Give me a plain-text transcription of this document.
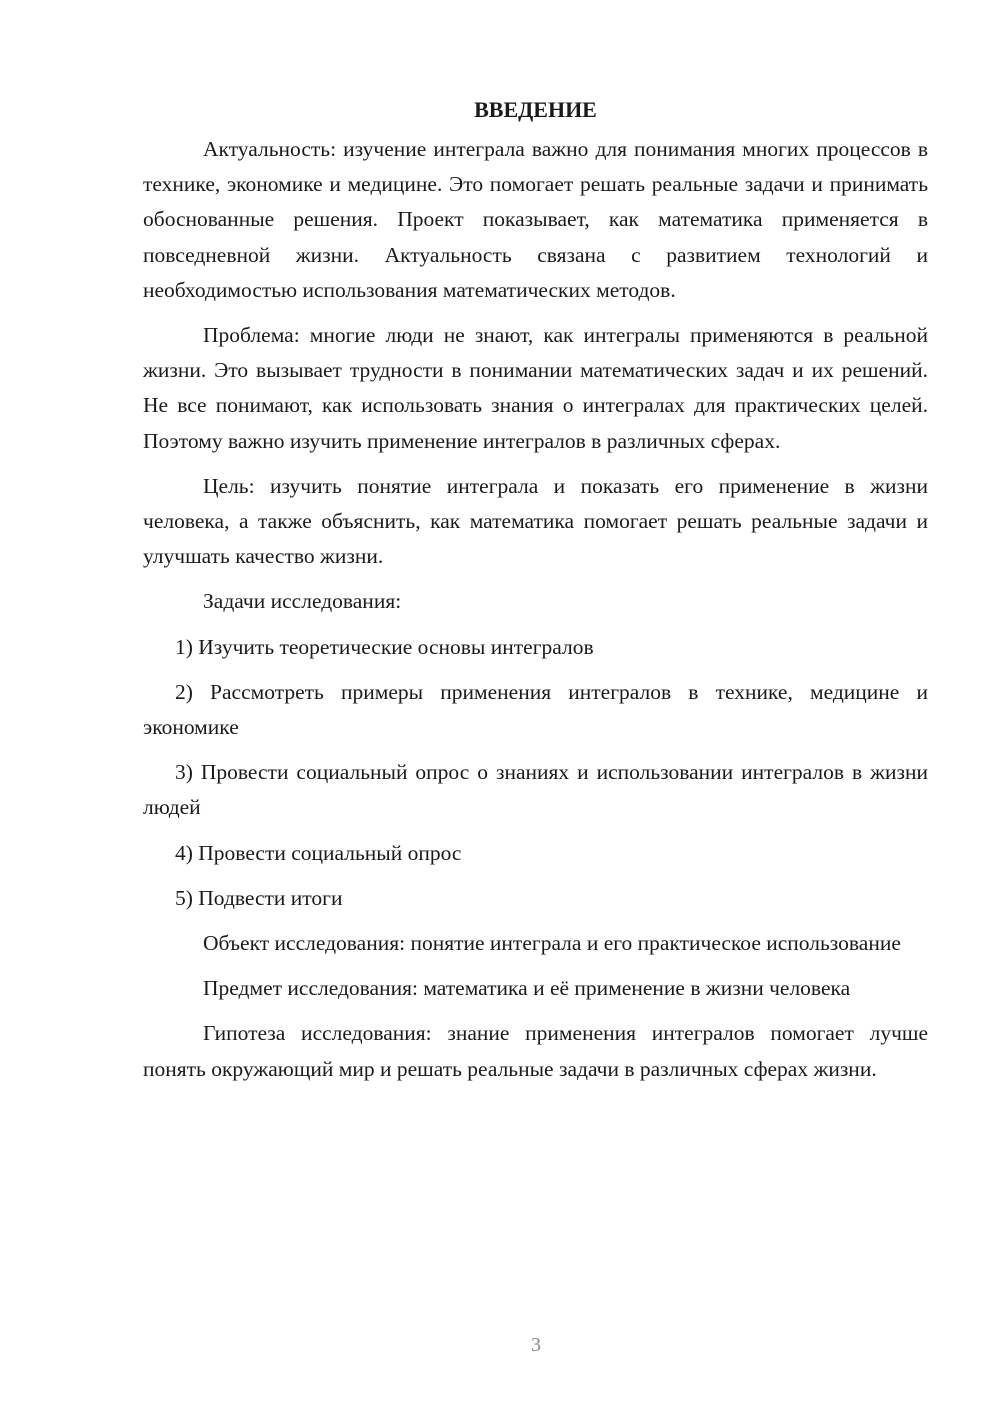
ВВЕДЕНИЕ

Актуальность: изучение интеграла важно для понимания многих процессов в технике, экономике и медицине. Это помогает решать реальные задачи и принимать обоснованные решения. Проект показывает, как математика применяется в повседневной жизни. Актуальность связана с развитием технологий и необходимостью использования математических методов.

Проблема: многие люди не знают, как интегралы применяются в реальной жизни. Это вызывает трудности в понимании математических задач и их решений. Не все понимают, как использовать знания о интегралах для практических целей. Поэтому важно изучить применение интегралов в различных сферах.

Цель: изучить понятие интеграла и показать его применение в жизни человека, а также объяснить, как математика помогает решать реальные задачи и улучшать качество жизни.

Задачи исследования:

1) Изучить теоретические основы интегралов

2) Рассмотреть примеры применения интегралов в технике, медицине и экономике

3) Провести социальный опрос о знаниях и использовании интегралов в жизни людей

4) Провести социальный опрос

5) Подвести итоги

Объект исследования: понятие интеграла и его практическое использование

Предмет исследования: математика и её применение в жизни человека

Гипотеза исследования: знание применения интегралов помогает лучше понять окружающий мир и решать реальные задачи в различных сферах жизни.

3
